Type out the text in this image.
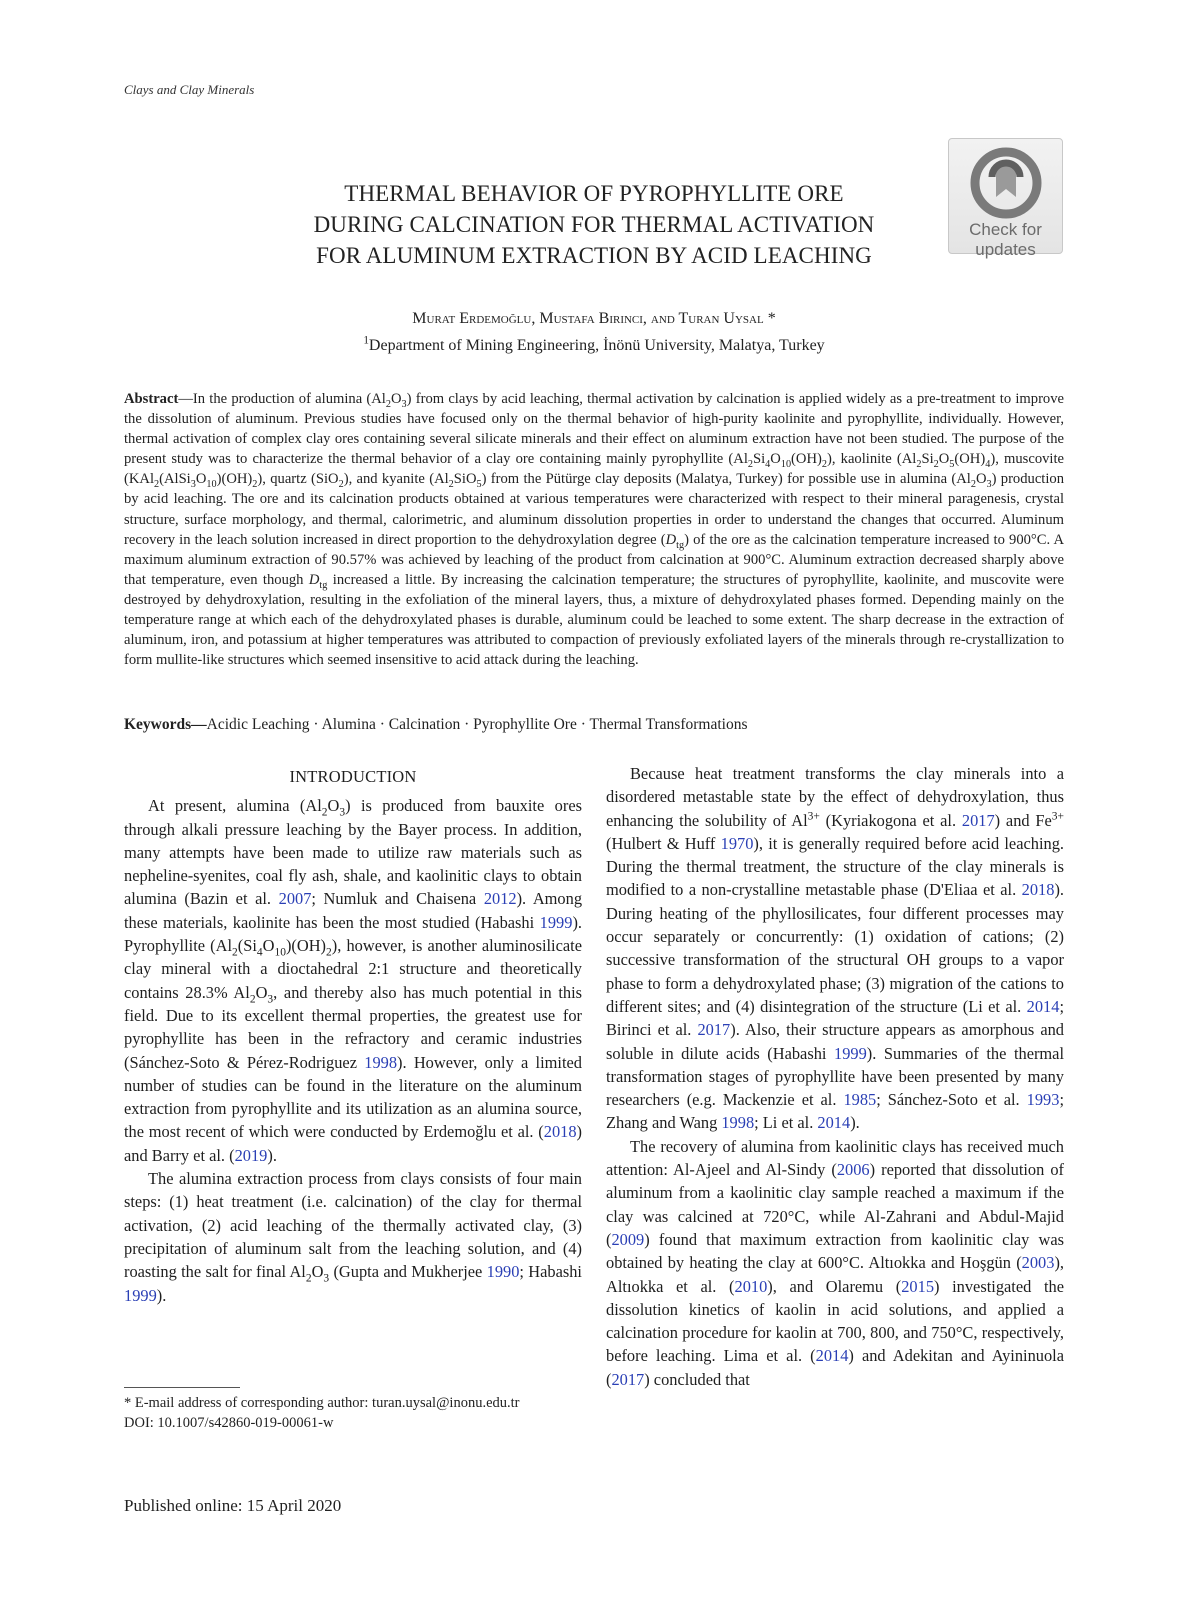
Clays and Clay Minerals
Check for
updates
THERMAL BEHAVIOR OF PYROPHYLLITE ORE
DURING CALCINATION FOR THERMAL ACTIVATION
FOR ALUMINUM EXTRACTION BY ACID LEACHING
Murat Erdemoğlu, Mustafa Birinci, and Turan Uysal *
$^1$Department of Mining Engineering, İnönü University, Malatya, Turkey
Abstract—In the production of alumina $(Al_2O_3)$ from clays by acid leaching, thermal activation by calcination is applied widely as a pre-treatment to improve the dissolution of aluminum. Previous studies have focused only on the thermal behavior of high-purity kaolinite and pyrophyllite, individually. However, thermal activation of complex clay ores containing several silicate minerals and their effect on aluminum extraction have not been studied. The purpose of the present study was to characterize the thermal behavior of a clay ore containing mainly pyrophyllite $(Al_2Si_4O_{10}(OH)_2)$, kaolinite $(Al_2Si_2O_5(OH)_4)$, muscovite $(KAl_2(AlSi_3O_{10})(OH)_2)$, quartz (SiO$_2$), and kyanite $(Al_2SiO_5)$ from the Pütürge clay deposits (Malatya, Turkey) for possible use in alumina $(Al_2O_3)$ production by acid leaching. The ore and its calcination products obtained at various temperatures were characterized with respect to their mineral paragenesis, crystal structure, surface morphology, and thermal, calorimetric, and aluminum dissolution properties in order to understand the changes that occurred. Aluminum recovery in the leach solution increased in direct proportion to the dehydroxylation degree $(D_{tg})$ of the ore as the calcination temperature increased to 900°C. A maximum aluminum extraction of 90.57% was achieved by leaching of the product from calcination at 900°C. Aluminum extraction decreased sharply above that temperature, even though $D_{tg}$ increased a little. By increasing the calcination temperature; the structures of pyrophyllite, kaolinite, and muscovite were destroyed by dehydroxylation, resulting in the exfoliation of the mineral layers, thus, a mixture of dehydroxylated phases formed. Depending mainly on the temperature range at which each of the dehydroxylated phases is durable, aluminum could be leached to some extent. The sharp decrease in the extraction of aluminum, iron, and potassium at higher temperatures was attributed to compaction of previously exfoliated layers of the minerals through re-crystallization to form mullite-like structures which seemed insensitive to acid attack during the leaching.
Keywords—Acidic Leaching · Alumina · Calcination · Pyrophyllite Ore · Thermal Transformations
INTRODUCTION

At present, alumina $(Al_2O_3)$ is produced from bauxite ores through alkali pressure leaching by the Bayer process. In addition, many attempts have been made to utilize raw materials such as nepheline-syenites, coal fly ash, shale, and kaolinitic clays to obtain alumina (Bazin et al. 2007; Numluk and Chaisena 2012). Among these materials, kaolinite has been the most studied (Habashi 1999). Pyrophyllite $(Al_2(Si_4O_{10})(OH)_2)$, however, is another aluminosilicate clay mineral with a dioctahedral 2:1 structure and theoretically contains 28.3% $Al_2O_3$, and thereby also has much potential in this field. Due to its excellent thermal properties, the greatest use for pyrophyllite has been in the refractory and ceramic industries (Sánchez-Soto & Pérez-Rodriguez 1998). However, only a limited number of studies can be found in the literature on the aluminum extraction from pyrophyllite and its utilization as an alumina source, the most recent of which were conducted by Erdemoğlu et al. (2018) and Barry et al. (2019).

The alumina extraction process from clays consists of four main steps: (1) heat treatment (i.e. calcination) of the clay for thermal activation, (2) acid leaching of the thermally activated clay, (3) precipitation of aluminum salt from the leaching solution, and (4) roasting the salt for final $Al_2O_3$ (Gupta and Mukherjee 1990; Habashi 1999).

Because heat treatment transforms the clay minerals into a disordered metastable state by the effect of dehydroxylation, thus enhancing the solubility of $Al^{3+}$ (Kyriakogona et al. 2017) and $Fe^{3+}$ (Hulbert & Huff 1970), it is generally required before acid leaching. During the thermal treatment, the structure of the clay minerals is modified to a non-crystalline metastable phase (D'Eliaa et al. 2018). During heating of the phyllosilicates, four different processes may occur separately or concurrently: (1) oxidation of cations; (2) successive transformation of the structural OH groups to a vapor phase to form a dehydroxylated phase; (3) migration of the cations to different sites; and (4) disintegration of the structure (Li et al. 2014; Birinci et al. 2017). Also, their structure appears as amorphous and soluble in dilute acids (Habashi 1999). Summaries of the thermal transformation stages of pyrophyllite have been presented by many researchers (e.g. Mackenzie et al. 1985; Sánchez-Soto et al. 1993; Zhang and Wang 1998; Li et al. 2014).

The recovery of alumina from kaolinitic clays has received much attention: Al-Ajeel and Al-Sindy (2006) reported that dissolution of aluminum from a kaolinitic clay sample reached a maximum if the clay was calcined at 720°C, while Al-Zahrani and Abdul-Majid (2009) found that maximum extraction from kaolinitic clay was obtained by heating the clay at 600°C. Altıokka and Hoşgün (2003), Altıokka et al. (2010), and Olaremu (2015) investigated the dissolution kinetics of kaolin in acid solutions, and applied a calcination procedure for kaolin at 700, 800, and 750°C, respectively, before leaching. Lima et al. (2014) and Adekitan and Ayininuola (2017) concluded that

* E-mail address of corresponding author: turan.uysal@inonu.edu.tr
DOI: 10.1007/s42860-019-00061-w
Published online: 15 April 2020
